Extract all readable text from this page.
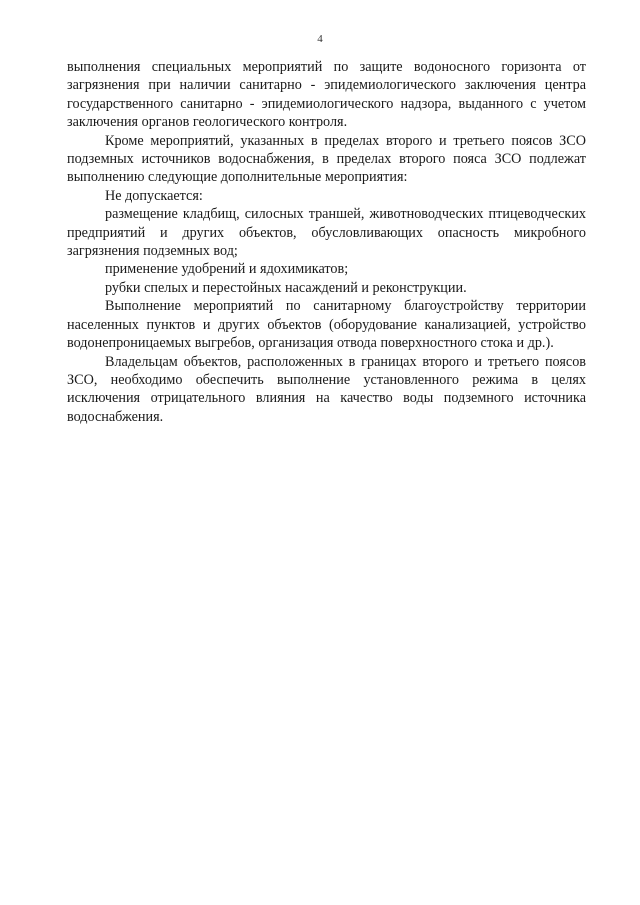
4

выполнения специальных мероприятий по защите водоносного горизонта от загрязнения при наличии санитарно - эпидемиологического заключения центра государственного санитарно - эпидемиологического надзора, выданного с учетом заключения органов геологического контроля.

Кроме мероприятий, указанных в пределах второго и третьего поясов ЗСО подземных источников водоснабжения, в пределах второго пояса ЗСО подлежат выполнению следующие дополнительные мероприятия:

Не допускается:

размещение кладбищ, силосных траншей, животноводческих птицеводческих предприятий и других объектов, обусловливающих опасность микробного загрязнения подземных вод;

применение удобрений и ядохимикатов;

рубки спелых и перестойных насаждений и реконструкции.

Выполнение мероприятий по санитарному благоустройству территории населенных пунктов и других объектов (оборудование канализацией, устройство водонепроницаемых выгребов, организация отвода поверхностного стока и др.).

Владельцам объектов, расположенных в границах второго и третьего поясов ЗСО, необходимо обеспечить выполнение установленного режима в целях исключения отрицательного влияния на качество воды подземного источника водоснабжения.
